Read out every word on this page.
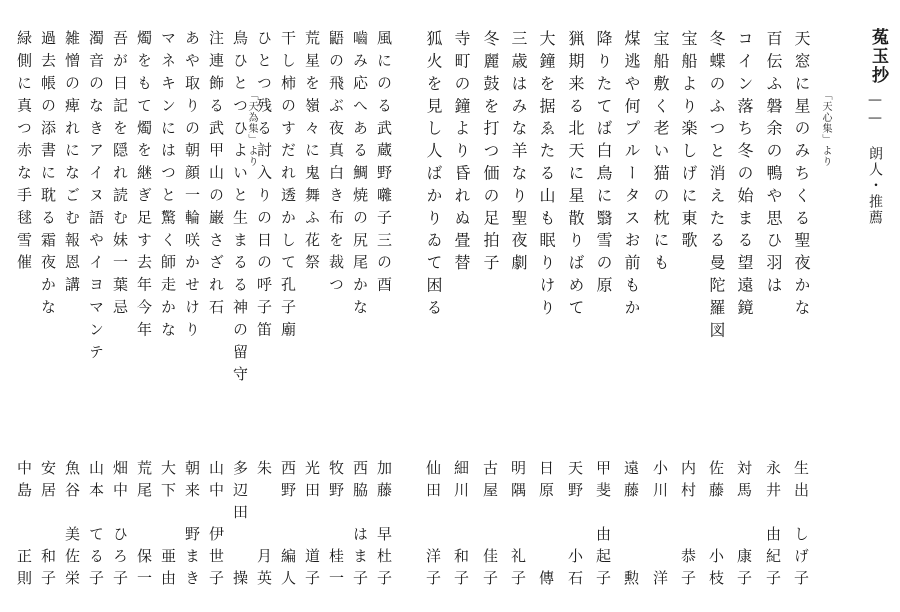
菟玉抄
—— 朗人・推薦
「天心集」より
「天為集」より	天窓に星のみちくる聖夜かな
百伝ふ磐余の鴨や思ひ羽は
コイン落ち冬の始まる望遠鏡
冬蝶のふつと消えたる曼陀羅図
宝船より楽しげに東歌
宝船敷く老い猫の枕にも
煤逃や何プルータスお前もか
降りたてば白鳥に翳雪の原
猟期来る北天に星散りばめて
大鐘を据ゑたる山も眠りけり
三歳はみな羊なり聖夜劇
冬麗鼓を打つ価の足拍子
寺町の鐘より昏れぬ畳替
狐火を見し人ばかりゐて困る
風にのる武蔵野囃子三の酉
嚙み応へある鯛焼の尻尾かな
鼯の飛ぶ夜真白き布を裁つ
荒星を嶺々に鬼舞ふ花祭
干し柿のすだれ透かして孔子廟
ひとつ残る討入りの日の呼子笛
鳥ひとつひよいと生まるる神の留守
注連飾る武甲山の巌さざれ石
あや取りの朝顔一輪咲かせけり
マネキンにはつと驚く師走かな
燭をもて燭を継ぎ足す去年今年
吾が日記を隠れ読む妹一葉忌
濁音のなきアイヌ語やイヨマンテ
雑憎の痺れになごむ報恩講
過去帳の添書に耽る霜夜かな
緑側に真つ赤な手毬雪催
生出しげ子
永井由紀子
対馬康子
佐藤小枝
内村恭子
小川洋
遠藤勲
甲斐由起子
天野小石
日原傳
明隅礼子
古屋佳子
細川和子
仙田洋子
加藤早杜子
西脇はま子
牧野桂一
光田道子
西野編人
朱月英
多辺田操
山中伊世子
朝来野まき
大下亜由
荒尾保一
畑中ひろ子
山本てる子
魚谷美佐栄
安居和子
中島正則
